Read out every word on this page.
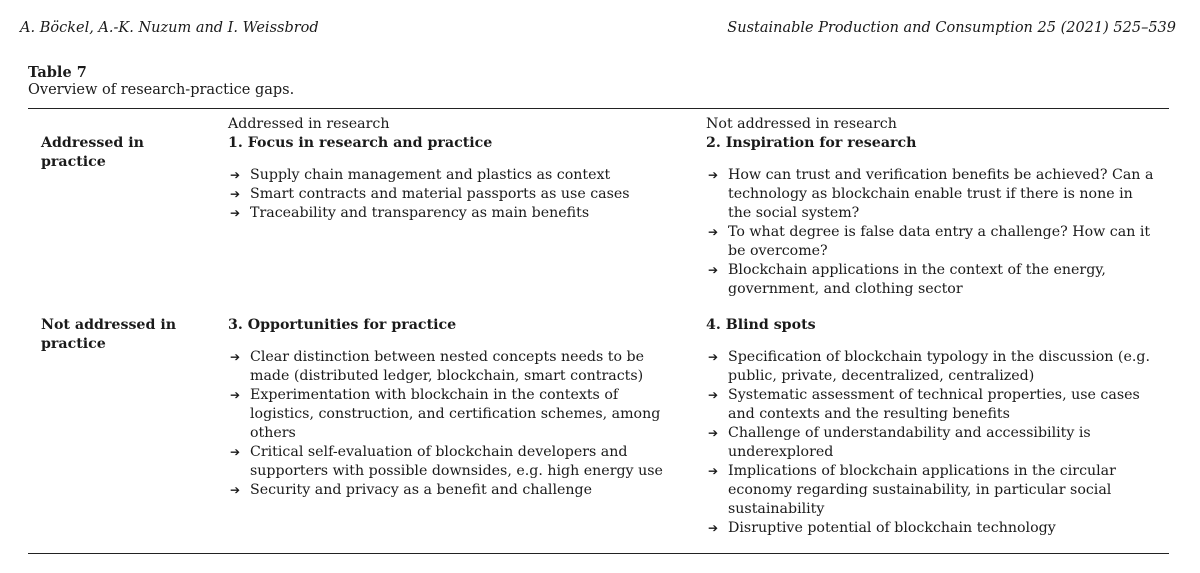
A. Böckel, A.-K. Nuzum and I. Weissbrod	Sustainable Production and Consumption 25 (2021) 525–539
Table 7
Overview of research-practice gaps.
Addressed in research	Not addressed in research
Addressed in practice
Not addressed in practice
1. Focus in research and practice
➔ Supply chain management and plastics as context
➔ Smart contracts and material passports as use cases
➔ Traceability and transparency as main benefits
2. Inspiration for research
➔ How can trust and verification benefits be achieved? Can a technology as blockchain enable trust if there is none in the social system?
➔ To what degree is false data entry a challenge? How can it be overcome?
➔ Blockchain applications in the context of the energy, government, and clothing sector
3. Opportunities for practice
➔ Clear distinction between nested concepts needs to be made (distributed ledger, blockchain, smart contracts)
➔ Experimentation with blockchain in the contexts of logistics, construction, and certification schemes, among others
➔ Critical self-evaluation of blockchain developers and supporters with possible downsides, e.g. high energy use
➔ Security and privacy as a benefit and challenge
4. Blind spots
➔ Specification of blockchain typology in the discussion (e.g. public, private, decentralized, centralized)
➔ Systematic assessment of technical properties, use cases and contexts and the resulting benefits
➔ Challenge of understandability and accessibility is underexplored
➔ Implications of blockchain applications in the circular economy regarding sustainability, in particular social sustainability
➔ Disruptive potential of blockchain technology
